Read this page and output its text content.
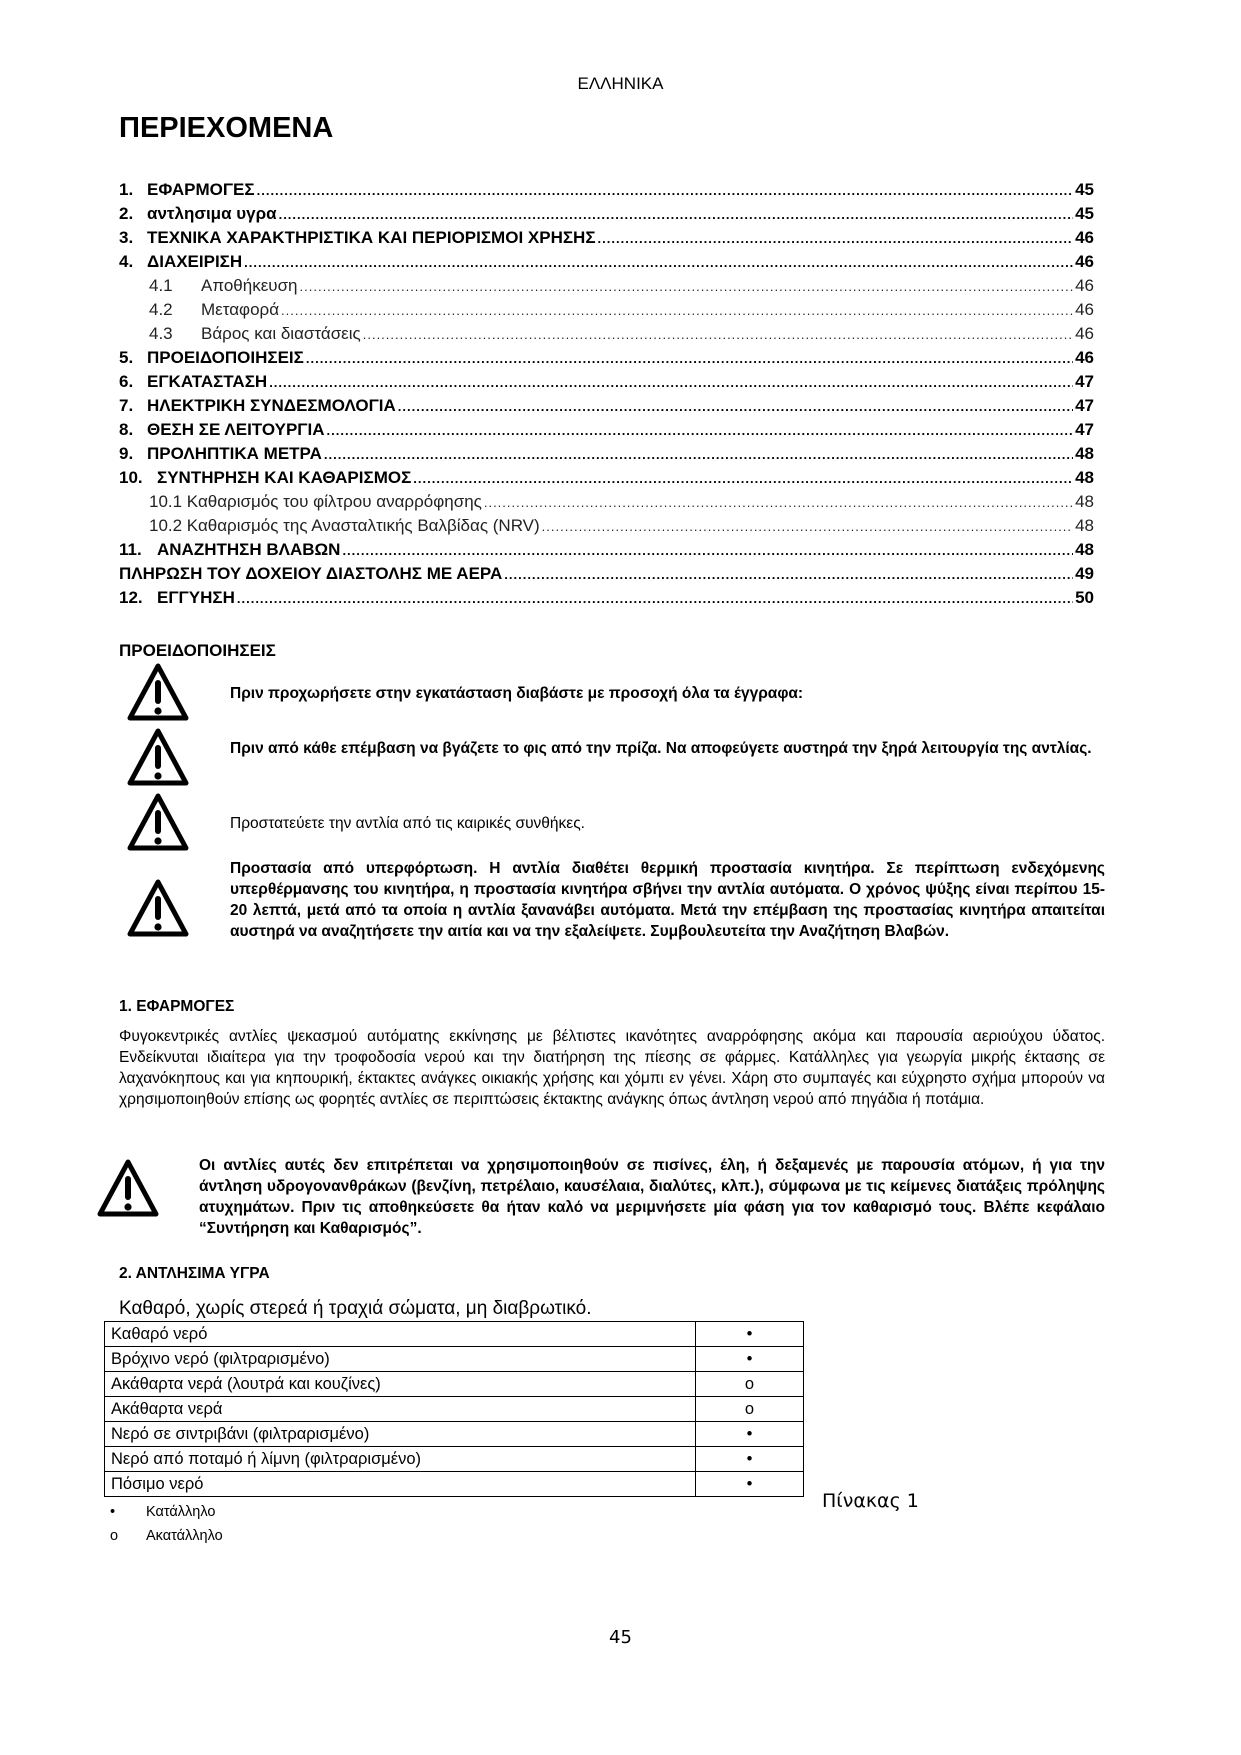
ΕΛΛΗΝΙΚΑ
ΠΕΡΙΕΧΟΜΕΝΑ
1. ΕΦΑΡΜΟΓΕΣ .....	45
2. αντλησιμα υγρα .....	45
3. ΤΕΧΝΙΚΑ ΧΑΡΑΚΤΗΡΙΣΤΙΚΑ ΚΑΙ ΠΕΡΙΟΡΙΣΜΟΙ ΧΡΗΣΗΣ .....	46
4. ΔΙΑΧΕΙΡΙΣΗ .....	46
4.1	Αποθήκευση .....	46
4.2	Μεταφορά .....	46
4.3	Βάρος και διαστάσεις .....	46
5. ΠΡΟΕΙΔΟΠΟΙΗΣΕΙΣ .....	46
6. ΕΓΚΑΤΑΣΤΑΣΗ .....	47
7. ΗΛΕΚΤΡΙΚΗ ΣΥΝΔΕΣΜΟΛΟΓΙΑ .....	47
8. ΘΕΣΗ ΣΕ ΛΕΙΤΟΥΡΓΙΑ .....	47
9. ΠΡΟΛΗΠΤΙΚΑ ΜΕΤΡΑ .....	48
10. ΣΥΝΤΗΡΗΣΗ ΚΑΙ ΚΑΘΑΡΙΣΜΟΣ .....	48
10.1 Καθαρισμός του φίλτρου αναρρόφησης .....	48
10.2 Καθαρισμός της Ανασταλτικής Βαλβίδας (NRV) .....	48
11. ΑΝΑΖΗΤΗΣΗ ΒΛΑΒΩΝ .....	48
ΠΛΗΡΩΣΗ ΤΟΥ ΔΟΧΕΙΟΥ ΔΙΑΣΤΟΛΗΣ ΜΕ ΑΕΡΑ .....	49
12. ΕΓΓΥΗΣΗ .....	50
ΠΡΟΕΙΔΟΠΟΙΗΣΕΙΣ
Πριν προχωρήσετε στην εγκατάσταση διαβάστε με προσοχή όλα τα έγγραφα:
Πριν από κάθε επέμβαση να βγάζετε το φις από την πρίζα. Να αποφεύγετε αυστηρά την ξηρά λειτουργία της αντλίας.
Προστατεύετε την αντλία από τις καιρικές συνθήκες.
Προστασία από υπερφόρτωση. Η αντλία διαθέτει θερμική προστασία κινητήρα. Σε περίπτωση ενδεχόμενης υπερθέρμανσης του κινητήρα, η προστασία κινητήρα σβήνει την αντλία αυτόματα. Ο χρόνος ψύξης είναι περίπου 15-20 λεπτά, μετά από τα οποία η αντλία ξανανάβει αυτόματα. Μετά την επέμβαση της προστασίας κινητήρα απαιτείται αυστηρά να αναζητήσετε την αιτία και να την εξαλείψετε. Συμβουλευτείτα την Αναζήτηση Βλαβών.
1. ΕΦΑΡΜΟΓΕΣ
Φυγοκεντρικές αντλίες ψεκασμού αυτόματης εκκίνησης με βέλτιστες ικανότητες αναρρόφησης ακόμα και παρουσία αεριούχου ύδατος. Ενδείκνυται ιδιαίτερα για την τροφοδοσία νερού και την διατήρηση της πίεσης σε φάρμες. Κατάλληλες για γεωργία μικρής έκτασης σε λαχανόκηπους και για κηπουρική, έκτακτες ανάγκες οικιακής χρήσης και χόμπι εν γένει. Χάρη στο συμπαγές και εύχρηστο σχήμα μπορούν να χρησιμοποιηθούν επίσης ως φορητές αντλίες σε περιπτώσεις έκτακτης ανάγκης όπως άντληση νερού από πηγάδια ή ποτάμια.
Οι αντλίες αυτές δεν επιτρέπεται να χρησιμοποιηθούν σε πισίνες, έλη, ή δεξαμενές με παρουσία ατόμων, ή για την άντληση υδρογονανθράκων (βενζίνη, πετρέλαιο, καυσέλαια, διαλύτες, κλπ.), σύμφωνα με τις κείμενες διατάξεις πρόληψης ατυχημάτων. Πριν τις αποθηκεύσετε θα ήταν καλό να μεριμνήσετε μία φάση για τον καθαρισμό τους. Βλέπε κεφάλαιο “Συντήρηση και Καθαρισμός”.
2. ΑΝΤΛΗΣΙΜΑ ΥΓΡΑ
Καθαρό, χωρίς στερεά ή τραχιά σώματα, μη διαβρωτικό.
Καθαρό νερό	•
Βρόχινο νερό (φιλτραρισμένο)	•
Ακάθαρτα νερά (λουτρά και κουζίνες)	o
Ακάθαρτα νερά	o
Νερό σε σιντριβάνι (φιλτραρισμένο)	•
Νερό από ποταμό ή λίμνη (φιλτραρισμένο)	•
Πόσιμο νερό	•
Πίνακας 1
• Κατάλληλο
o Ακατάλληλο
45
